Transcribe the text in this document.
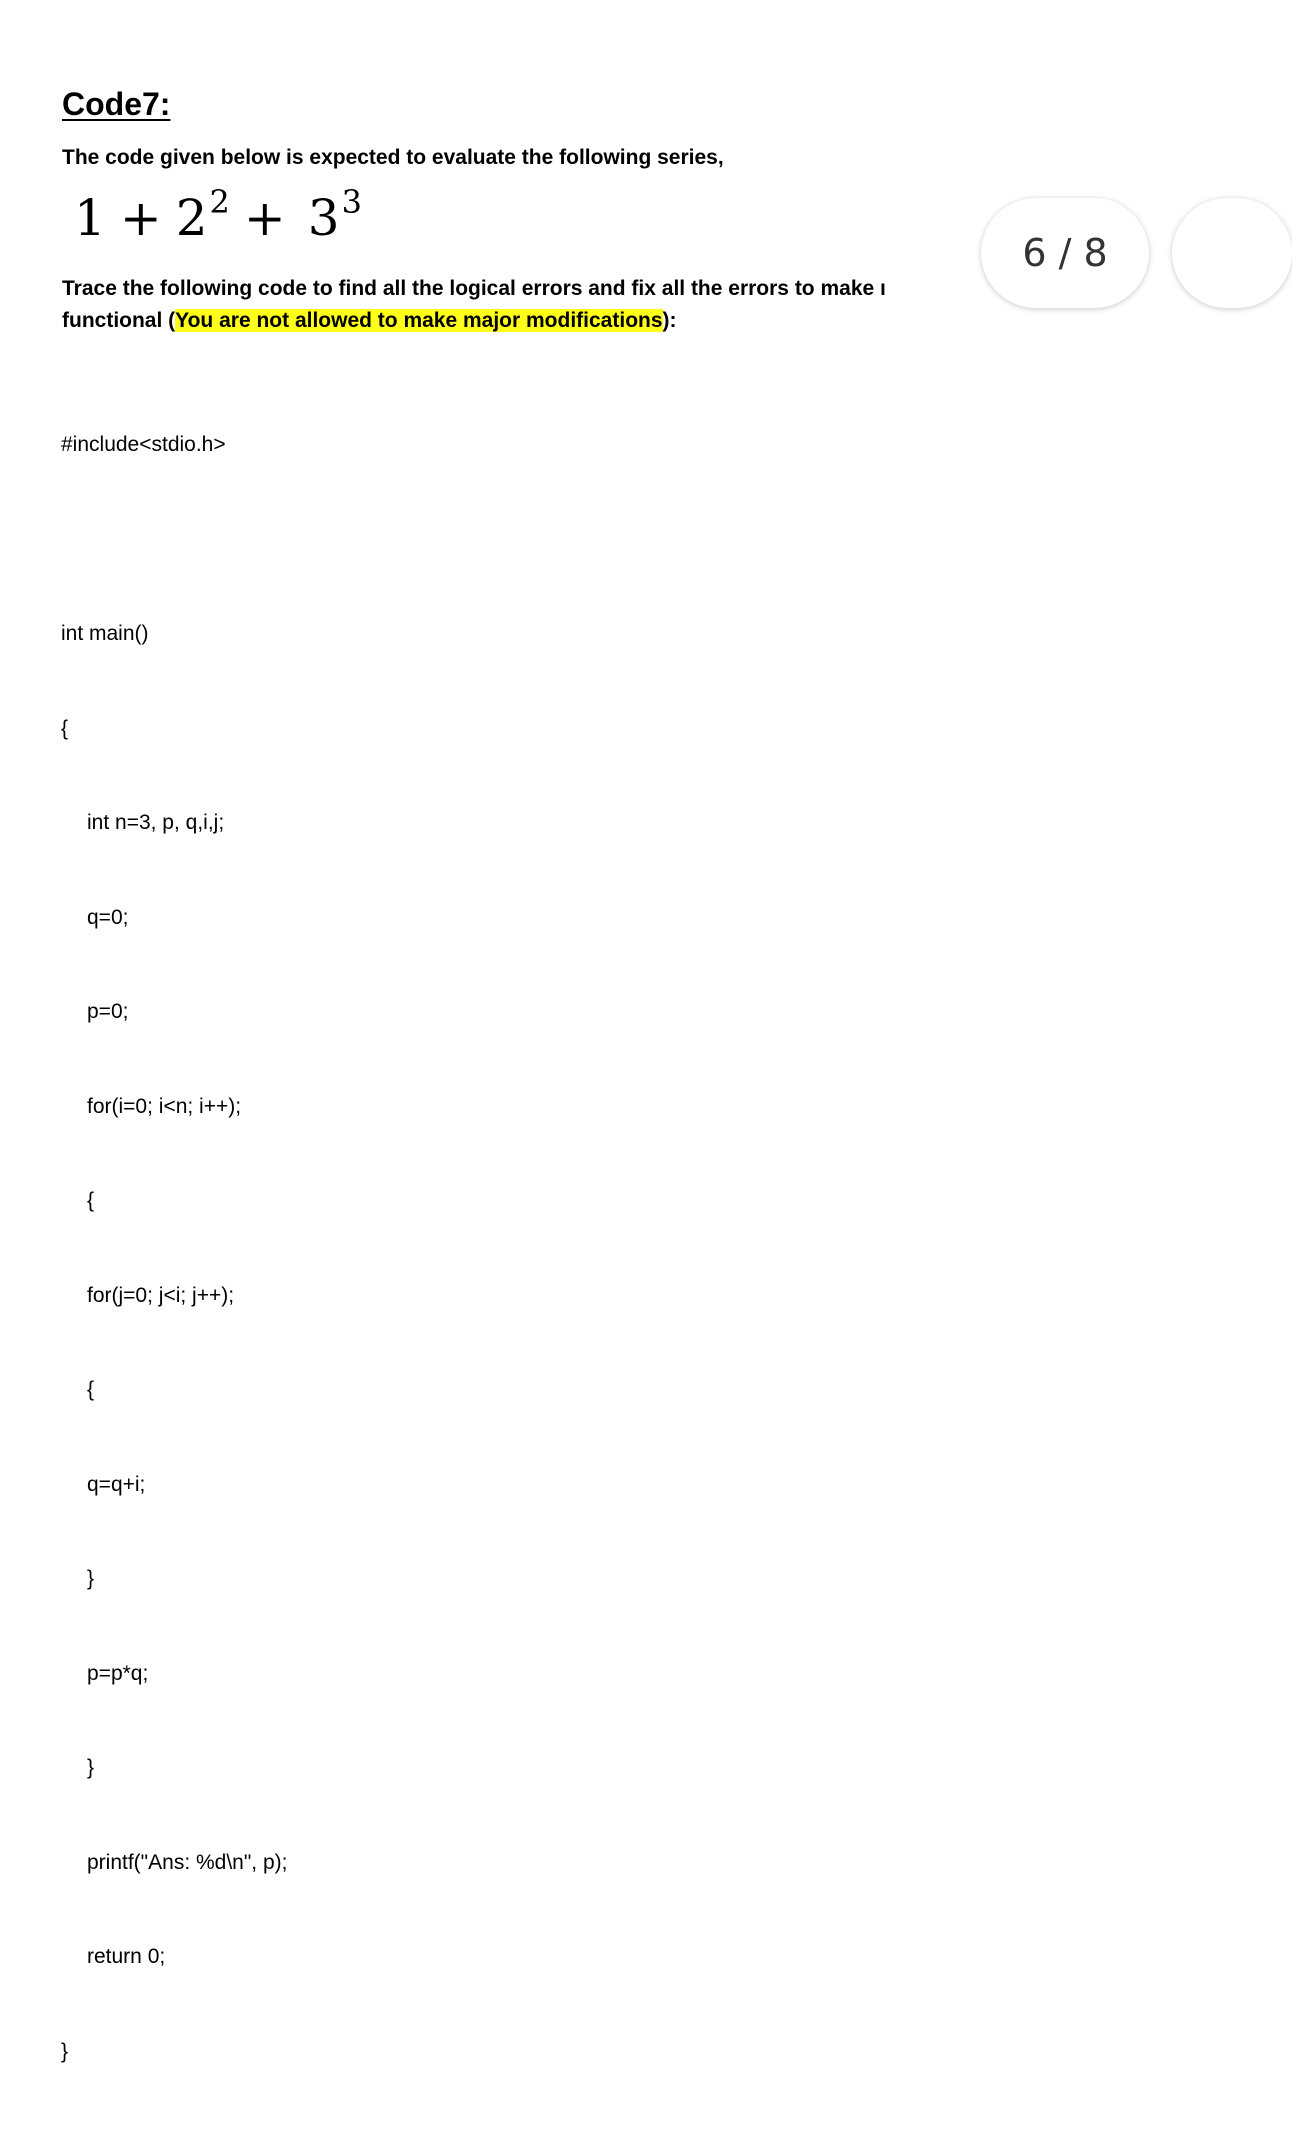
Code7:
The code given below is expected to evaluate the following series,
$1 + 2^2 + 3^3$
Trace the following code to find all the logical errors and fix all the errors to make ı
functional (You are not allowed to make major modifications):

#include<stdio.h>

int main()

{

int n=3, p, q,i,j;

q=0;

p=0;

for(i=0; i<n; i++);

{

for(j=0; j<i; j++);

{

q=q+i;

}

p=p*q;

}

printf("Ans: %d\n", p);

return 0;

}

6 / 8
